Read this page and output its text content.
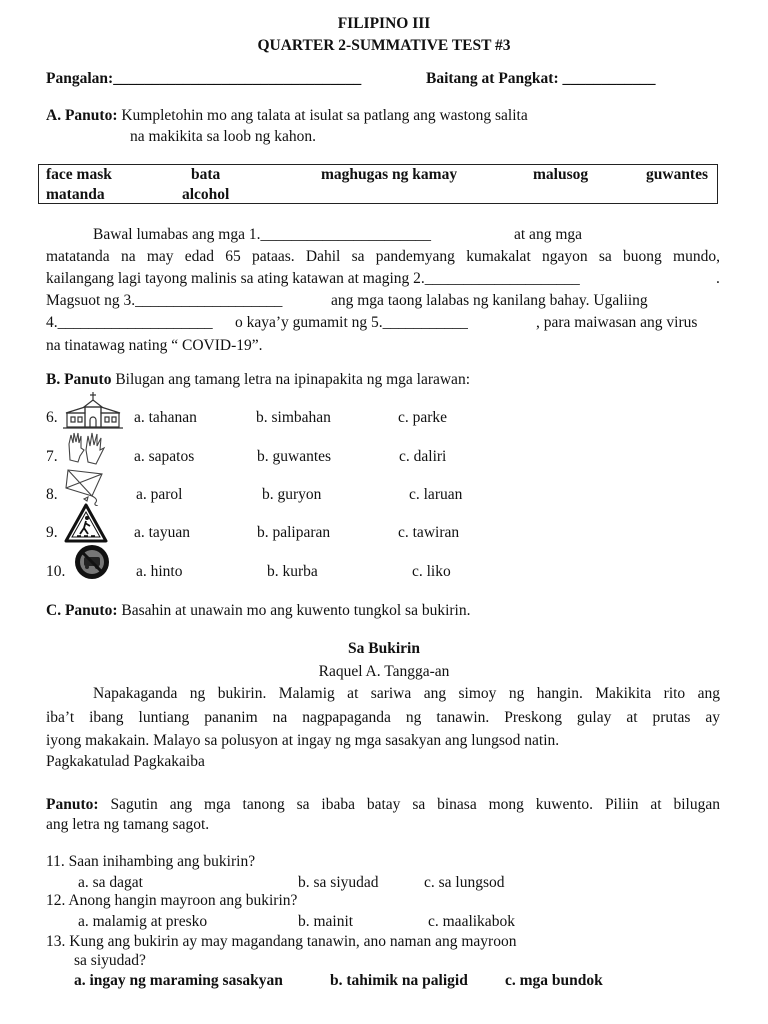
FILIPINO III
QUARTER 2-SUMMATIVE TEST #3
Pangalan:________________________________	Baitang at Pangkat: ____________
A. Panuto: Kumpletohin mo ang talata at isulat sa patlang ang wastong salita
na makikita sa loob ng kahon.
face mask	bata	maghugas ng kamay	malusog	guwantes
matanda	alcohol
Bawal lumabas ang mga 1.______________________	at ang mga
matatanda na may edad 65 pataas. Dahil sa pandemyang kumakalat ngayon sa buong mundo,
kailangang lagi tayong malinis sa ating katawan at maging 2.____________________	.
Magsuot ng 3.___________________	ang mga taong lalabas ng kanilang bahay. Ugaliing
4.____________________ o kaya’y gumamit ng 5.___________	, para maiwasan ang virus
na tinatawag nating “ COVID-19”.
B. Panuto Bilugan ang tamang letra na ipinapakita ng mga larawan:
6.	a. tahanan	b. simbahan	c. parke
7.	a. sapatos	b. guwantes	c. daliri
8.	a. parol	b. guryon	c. laruan
9.	a. tayuan	b. paliparan	c. tawiran
10.	a. hinto	b. kurba	c. liko
C. Panuto: Basahin at unawain mo ang kuwento tungkol sa bukirin.
Sa Bukirin
Raquel A. Tangga-an
Napakaganda ng bukirin. Malamig at sariwa ang simoy ng hangin. Makikita rito ang
iba’t ibang luntiang pananim na nagpapaganda ng tanawin. Preskong gulay at prutas ay
iyong makakain. Malayo sa polusyon at ingay ng mga sasakyan ang lungsod natin.
Pagkakatulad Pagkakaiba
Panuto: Sagutin ang mga tanong sa ibaba batay sa binasa mong kuwento. Piliin at bilugan
ang letra ng tamang sagot.
11. Saan inihambing ang bukirin?
a. sa dagat	b. sa siyudad	c. sa lungsod
12. Anong hangin mayroon ang bukirin?
a. malamig at presko	b. mainit	c. maalikabok
13. Kung ang bukirin ay may magandang tanawin, ano naman ang mayroon
sa siyudad?
a. ingay ng maraming sasakyan	b. tahimik na paligid c. mga bundok
